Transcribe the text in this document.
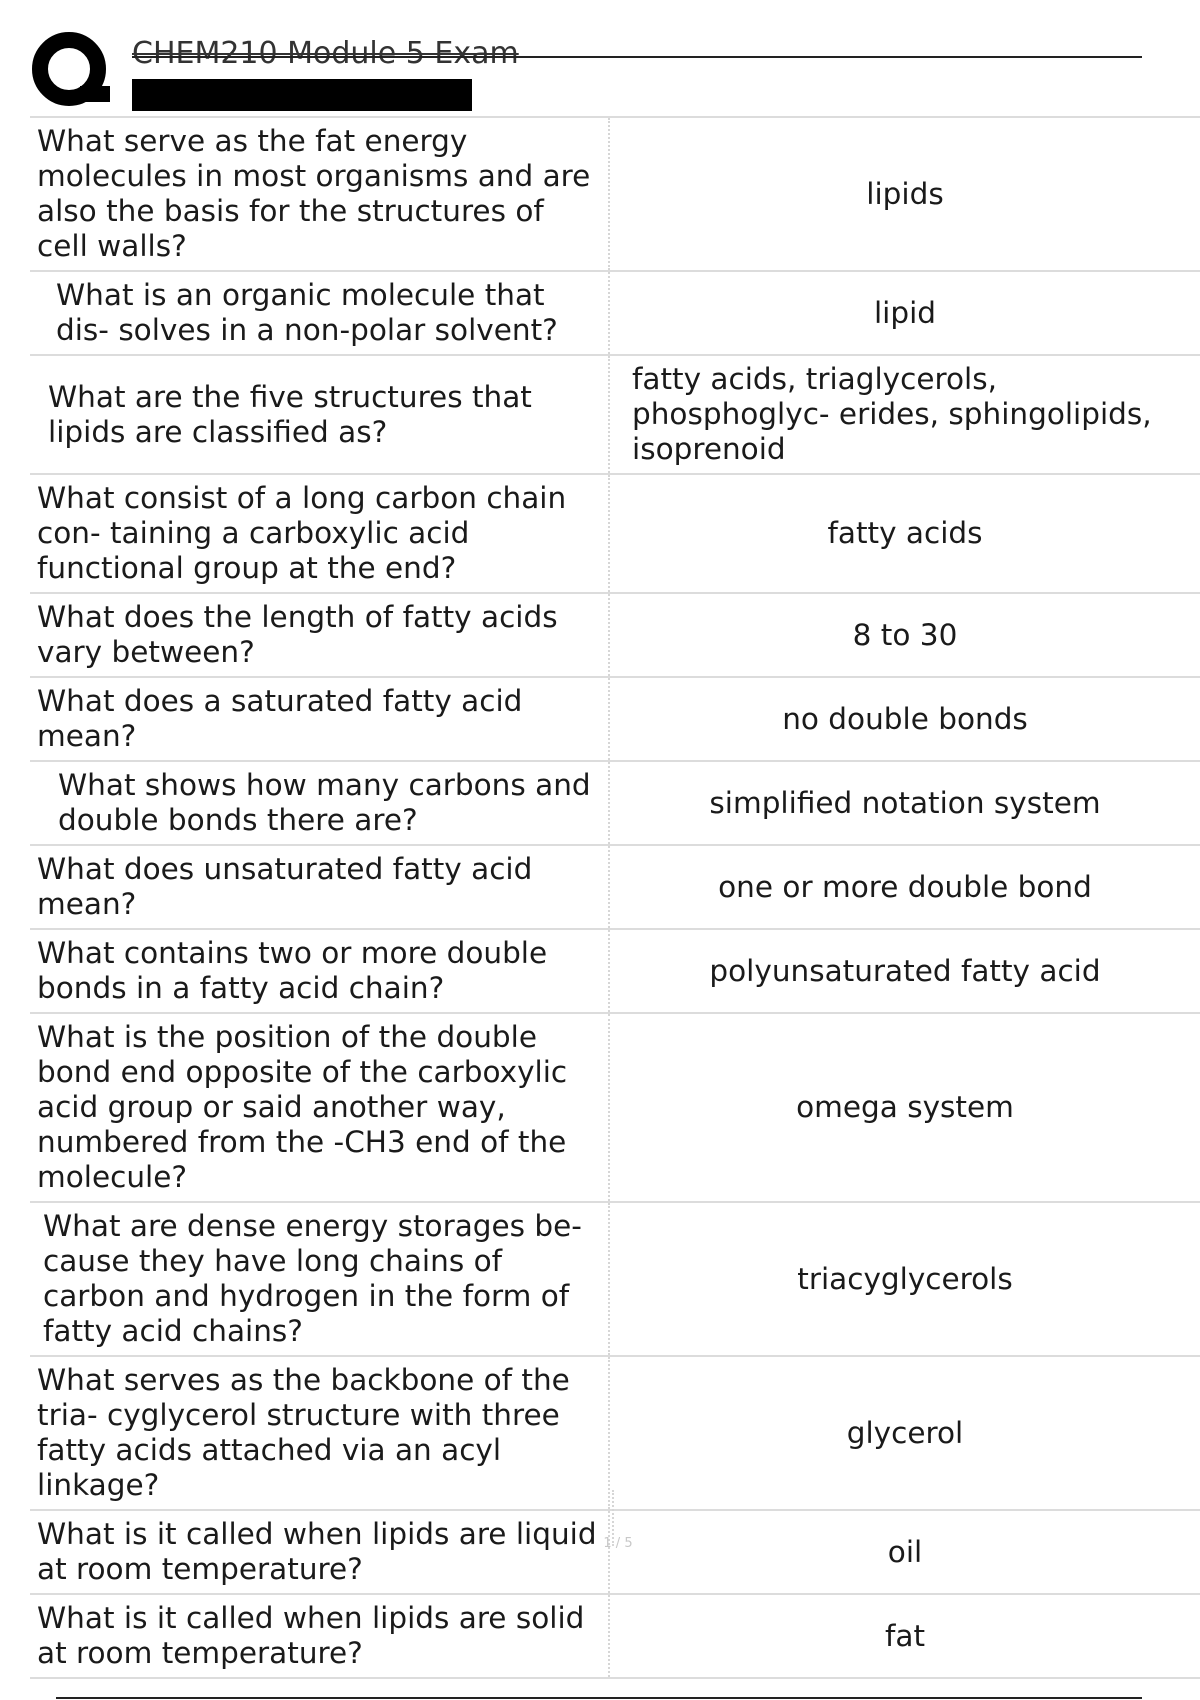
CHEM210 Module 5 Exam
What serve as the fat energy molecules in most organisms and are also the basis for the structures of cell walls?
lipids
What is an organic molecule that dis- solves in a non-polar solvent?
lipid
What are the five structures that lipids are classified as?
fatty acids, triaglycerols, phosphoglyc- erides, sphingolipids, isoprenoid
What consist of a long carbon chain con- taining a carboxylic acid functional group at the end?
fatty acids
What does the length of fatty acids vary between?
8 to 30
What does a saturated fatty acid mean?
no double bonds
What shows how many carbons and double bonds there are?
simplified notation system
What does unsaturated fatty acid mean?
one or more double bond
What contains two or more double bonds in a fatty acid chain?
polyunsaturated fatty acid
What is the position of the double bond end opposite of the carboxylic acid group or said another way, numbered from the -CH3 end of the molecule?
omega system
What are dense energy storages be- cause they have long chains of carbon and hydrogen in the form of fatty acid chains?
triacyglycerols
What serves as the backbone of the tria- cyglycerol structure with three fatty acids attached via an acyl linkage?
glycerol
What is it called when lipids are liquid at room temperature?
oil
What is it called when lipids are solid at room temperature?
fat
1 / 5
